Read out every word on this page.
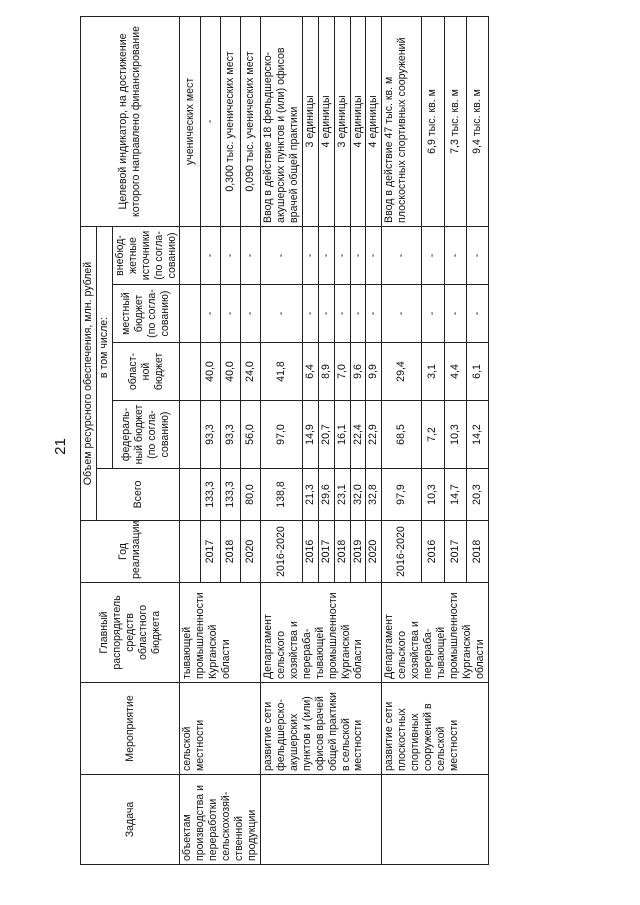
21
Задача	Мероприятие	Главный распорядитель средств областного бюджета	Год реализации	Объем ресурсного обеспечения, млн. рублей					Целевой индикатор, на достижение которого направлено финансирование
				Всего	в том числе:				
					федераль-ный бюджет (по согла-сованию)	област-ной бюджет	местный бюджет (по согла-сованию)	внебюд-жетные источники (по согла-сованию)	
объектам производства и переработки сельскохозяй-ственной продукции	сельской местности	тывающей промышленности Курганской области							ученических мест
			2017	133,3	93,3	40,0	-	-	-
			2018	133,3	93,3	40,0	-	-	0,300 тыс. ученических мест
			2020	80,0	56,0	24,0	-	-	0,090 тыс. ученических мест
	развитие сети фельдшерско-акушерских пунктов и (или) офисов врачей общей практики в сельской местности	Департамент сельского хозяйства и перераба-тывающей промышленности Курганской области	2016-2020	138,8	97,0	41,8	-	-	Ввод в действие 18 фельдшерско-акушерских пунктов и (или) офисов врачей общей практики
			2016	21,3	14,9	6,4	-	-	3 единицы
			2017	29,6	20,7	8,9	-	-	4 единицы
			2018	23,1	16,1	7,0	-	-	3 единицы
			2019	32,0	22,4	9,6	-	-	4 единицы
			2020	32,8	22,9	9,9	-	-	4 единицы
	развитие сети плоскостных спортивных сооружений в сельской местности	Департамент сельского хозяйства и перераба-тывающей промышленности Курганской области	2016-2020	97,9	68,5	29,4	-	-	Ввод в действие 47 тыс. кв. м плоскостных спортивных сооружений
			2016	10,3	7,2	3,1	-	-	6,9 тыс. кв. м
			2017	14,7	10,3	4,4	-	-	7,3 тыс. кв. м
			2018	20,3	14,2	6,1	-	-	9,4 тыс. кв. м
